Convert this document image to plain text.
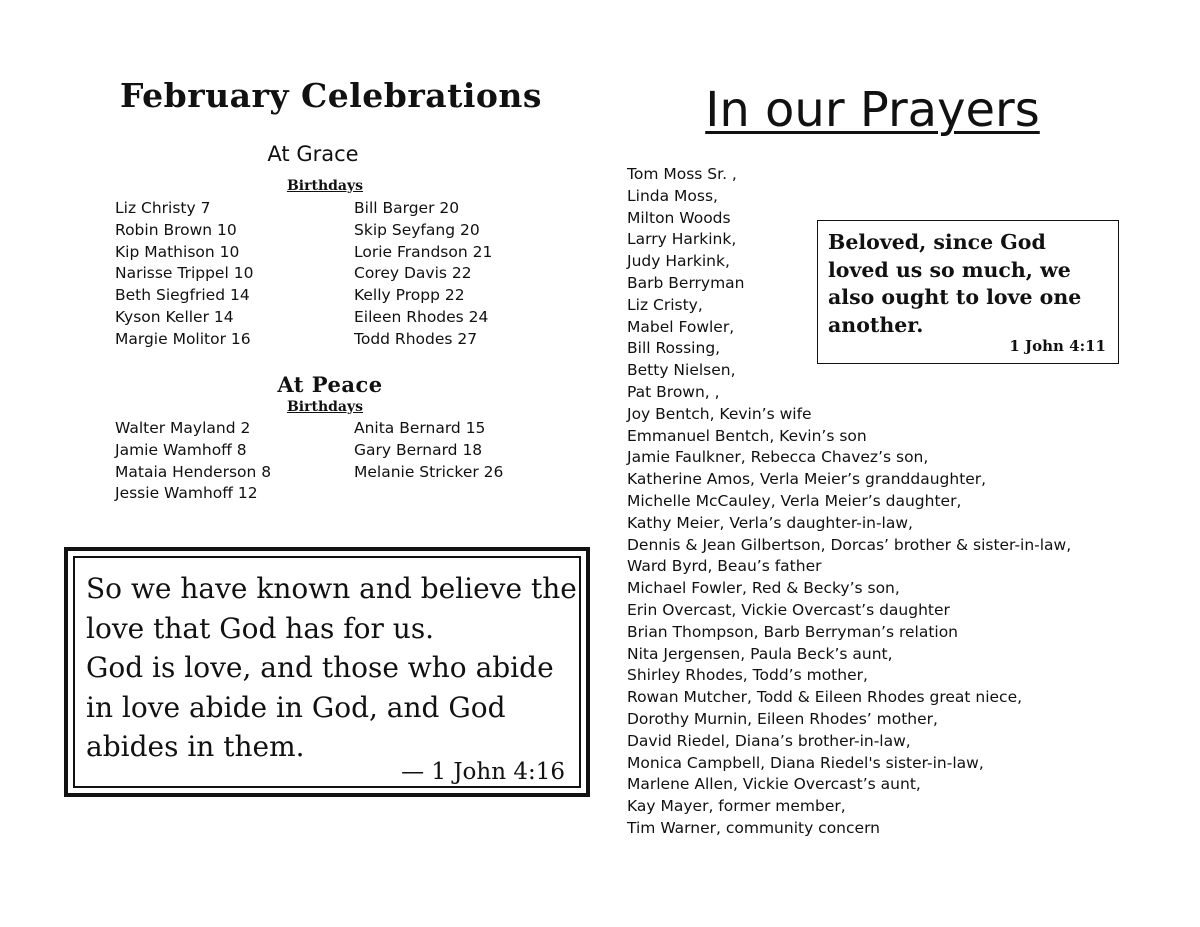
February Celebrations
At Grace
Birthdays
Liz Christy 7
Robin Brown 10
Kip Mathison 10
Narisse Trippel 10
Beth Siegfried 14
Kyson Keller 14
Margie Molitor 16
Bill Barger 20
Skip Seyfang 20
Lorie Frandson 21
Corey Davis 22
Kelly Propp 22
Eileen Rhodes 24
Todd Rhodes 27
At Peace
Birthdays
Walter Mayland 2
Jamie Wamhoff 8
Mataia Henderson 8
Jessie Wamhoff 12
Anita Bernard 15
Gary Bernard 18
Melanie Stricker 26
So we have known and believe the
love that God has for us.
God is love, and those who abide
in love abide in God, and God
abides in them.
— 1 John 4:16
In our Prayers
Tom Moss Sr. ,
Linda Moss,
Milton Woods
Larry Harkink,
Judy Harkink,
Barb Berryman
Liz Cristy,
Mabel Fowler,
Bill Rossing,
Betty Nielsen,
Pat Brown, ,
Joy Bentch, Kevin’s wife
Emmanuel Bentch, Kevin’s son
Jamie Faulkner, Rebecca Chavez’s son,
Katherine Amos, Verla Meier’s granddaughter,
Michelle McCauley, Verla Meier’s daughter,
Kathy Meier, Verla’s daughter-in-law,
Dennis & Jean Gilbertson, Dorcas’ brother & sister-in-law,
Ward Byrd, Beau’s father
Michael Fowler, Red & Becky’s son,
Erin Overcast, Vickie Overcast’s daughter
Brian Thompson, Barb Berryman’s relation
Nita Jergensen, Paula Beck’s aunt,
Shirley Rhodes, Todd’s mother,
Rowan Mutcher, Todd & Eileen Rhodes great niece,
Dorothy Murnin, Eileen Rhodes’ mother,
David Riedel, Diana’s brother-in-law,
Monica Campbell, Diana Riedel's sister-in-law,
Marlene Allen, Vickie Overcast’s aunt,
Kay Mayer, former member,
Tim Warner, community concern
Beloved, since God
loved us so much, we
also ought to love one
another.
1 John 4:11
